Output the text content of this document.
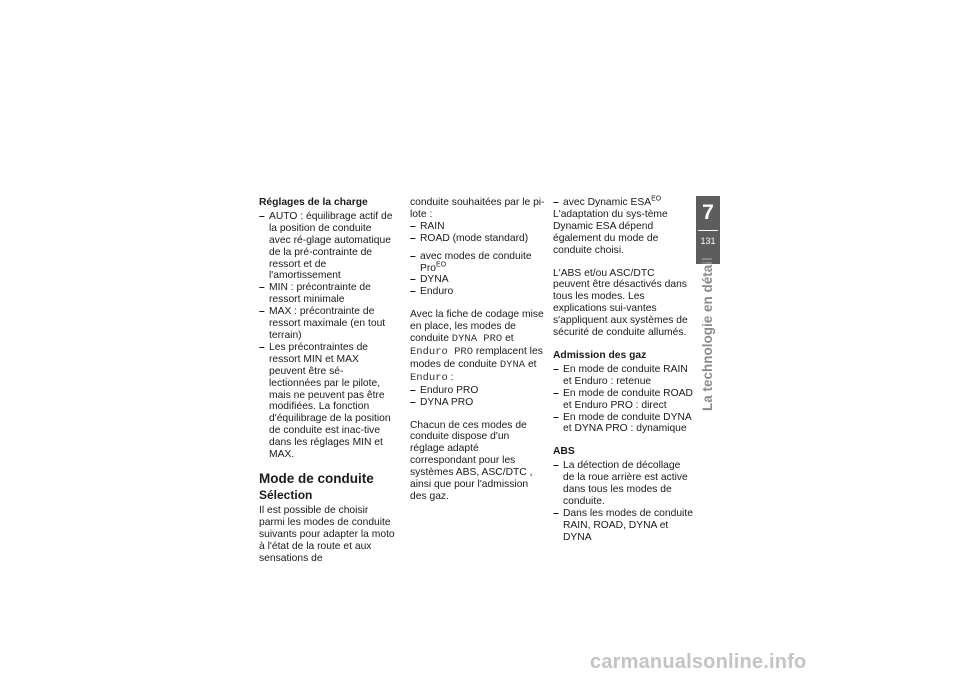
Réglages de la charge
– AUTO : équilibrage actif de la position de conduite avec ré-glage automatique de la pré-contrainte de ressort et de l'amortissement
– MIN : précontrainte de ressort minimale
– MAX : précontrainte de ressort maximale (en tout terrain)
– Les précontraintes de ressort MIN et MAX peuvent être sé-lectionnées par le pilote, mais ne peuvent pas être modifiées. La fonction d'équilibrage de la position de conduite est inac-tive dans les réglages MIN et MAX.
Mode de conduite
Sélection

Il est possible de choisir parmi les modes de conduite suivants pour adapter la moto à l'état de la route et aux sensations de

conduite souhaitées par le pi-lote :

– RAIN
– ROAD (mode standard)
– avec modes de conduite Pro$^{EO}$
– DYNA
– Enduro

Avec la fiche de codage mise en place, les modes de conduite DYNA PRO et Enduro PRO remplacent les modes de conduite DYNA et Enduro :

– Enduro PRO
– DYNA PRO

Chacun de ces modes de conduite dispose d'un réglage adapté correspondant pour les systèmes ABS, ASC/DTC , ainsi que pour l'admission des gaz.

– avec Dynamic $ESA^{EO}$

L'adaptation du sys-tème Dynamic ESA dépend également du mode de conduite choisi.

L'ABS et/ou ASC/DTC peuvent être désactivés dans tous les modes. Les explications sui-vantes s'appliquent aux systèmes de sécurité de conduite allumés.

Admission des gaz
– En mode de conduite RAIN et Enduro : retenue
– En mode de conduite ROAD et Enduro PRO : direct
– En mode de conduite DYNA et DYNA PRO : dynamique
ABS
– La détection de décollage de la roue arrière est active dans tous les modes de conduite.
– Dans les modes de conduite RAIN, ROAD, DYNA et DYNA
7
131
La technologie en détail
carmanualsonline.info
